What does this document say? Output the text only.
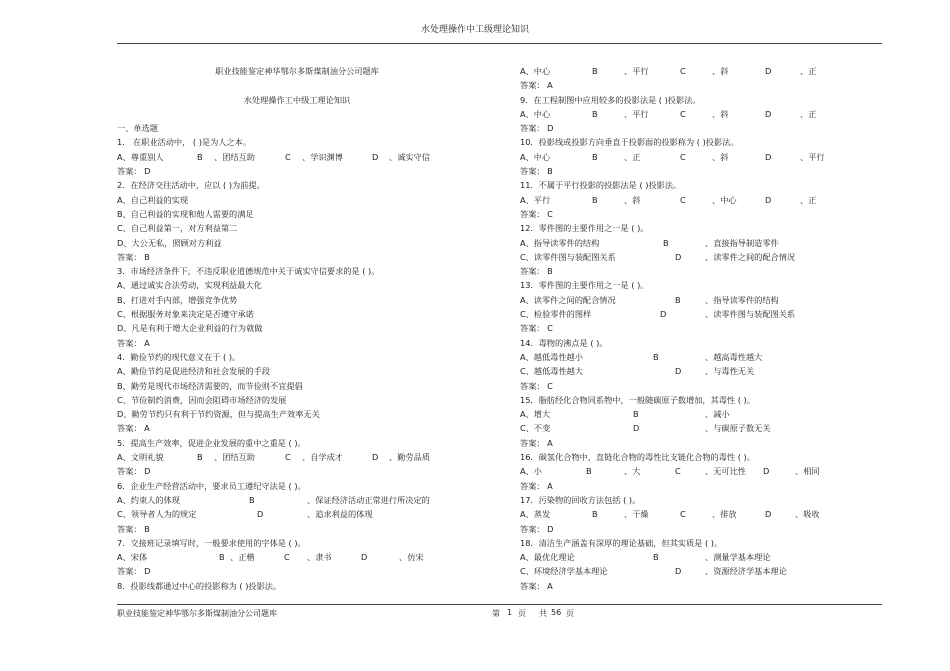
水处理操作中工级理论知识
职业技能鉴定神华鄂尔多斯煤制油分公司题库
水处理操作工中级工理论知识
一、单选题
1． 在职业活动中， ( )是为人之本。
A、尊重别人	B 、团结互助	C 、学识渊博	D 、诚实守信
答案： D
2．在经济交往活动中，应以 ( )为前提。
A、自己利益的实现
B、自己利益的实现和他人需要的满足
C、自己利益第一，对方利益第二
D、大公无私，照顾对方利益
答案： B
3．市场经济条件下，不违反职业道德规范中关于诚实守信要求的是 ( )。
A、通过诚实合法劳动，实现利益最大化
B、打进对手内部，增强竞争优势
C、根据服务对象来决定是否遵守承诺
D、凡是有利于增大企业利益的行为就做
答案： A
4．勤俭节约的现代意义在于 ( )。
A、勤俭节约是促进经济和社会发展的手段
B、勤劳是现代市场经济需要的，而节俭则不宜提倡
C、节俭制约消费，因而会阻碍市场经济的发展
D、勤劳节约只有利于节约资源，但与提高生产效率无关
答案： A
5．提高生产效率，促进企业发展的重中之重是 ( )。
A、文明礼貌	B 、团结互助	C 、自学成才	D 、勤劳品质
答案： D
6．企业生产经营活动中，要求员工遵纪守法是 ( )。
A、约束人的体现	B	、保证经济活动正常进行所决定的
C、领导者人为的规定	D	、追求利益的体现
答案： B
7．交接班记录填写时，一般要求使用的字体是 ( )。
A、宋体	B 、正楷	C 、隶书	D	、仿宋
答案： D
8．投影线都通过中心的投影称为 ( )投影法。
A、中心	B	、平行	C	、斜	D	、正
答案： A
9．在工程制图中应用较多的投影法是 ( )投影法。
A、中心	B	、平行	C	、斜	D	、正
答案： D
10．投影线或投影方向垂直于投影面的投影称为 ( )投影法。
A、中心	B	、正	C	、斜	D	、平行
答案： B
11．不属于平行投影的投影法是 ( )投影法。
A、平行	B	、斜	C	、中心	D	、正
答案： C
12．零件图的主要作用之一是 ( )。
A、指导读零件的结构	B	、直接指导制造零件
C、读零件图与装配图关系	D	、读零件之间的配合情况
答案： B
13．零件图的主要作用之一是 ( )。
A、读零件之间的配合情况	B	、指导读零件的结构
C、检验零件的图样	D	、读零件图与装配图关系
答案： C
14．毒物的沸点是 ( )。
A、越低毒性越小	B	、越高毒性越大
C、越低毒性越大	D	、与毒性无关
答案： C
15．脂肪经化合物同系物中，一般随碳原子数增加，其毒性 ( )。
A、增大	B	、减小
C、不变	D	、与碳原子数无关
答案： A
16．碳氢化合物中，直链化合物的毒性比支链化合物的毒性 ( )。
A、小	B	、大	C	、无可比性 D	、相同
答案： A
17．污染物的回收方法包括 ( )。
A、蒸发	B	、干燥	C	、排放	D	、吸收
答案： D
18．清洁生产涵盖有深厚的理论基础，但其实质是 ( )。
A、最优化理论	B	、测量学基本理论
C、环境经济学基本理论	D	、资源经济学基本理论
答案： A
职业技能鉴定神华鄂尔多斯煤制油分公司题库	第 1 页 共 56 页
